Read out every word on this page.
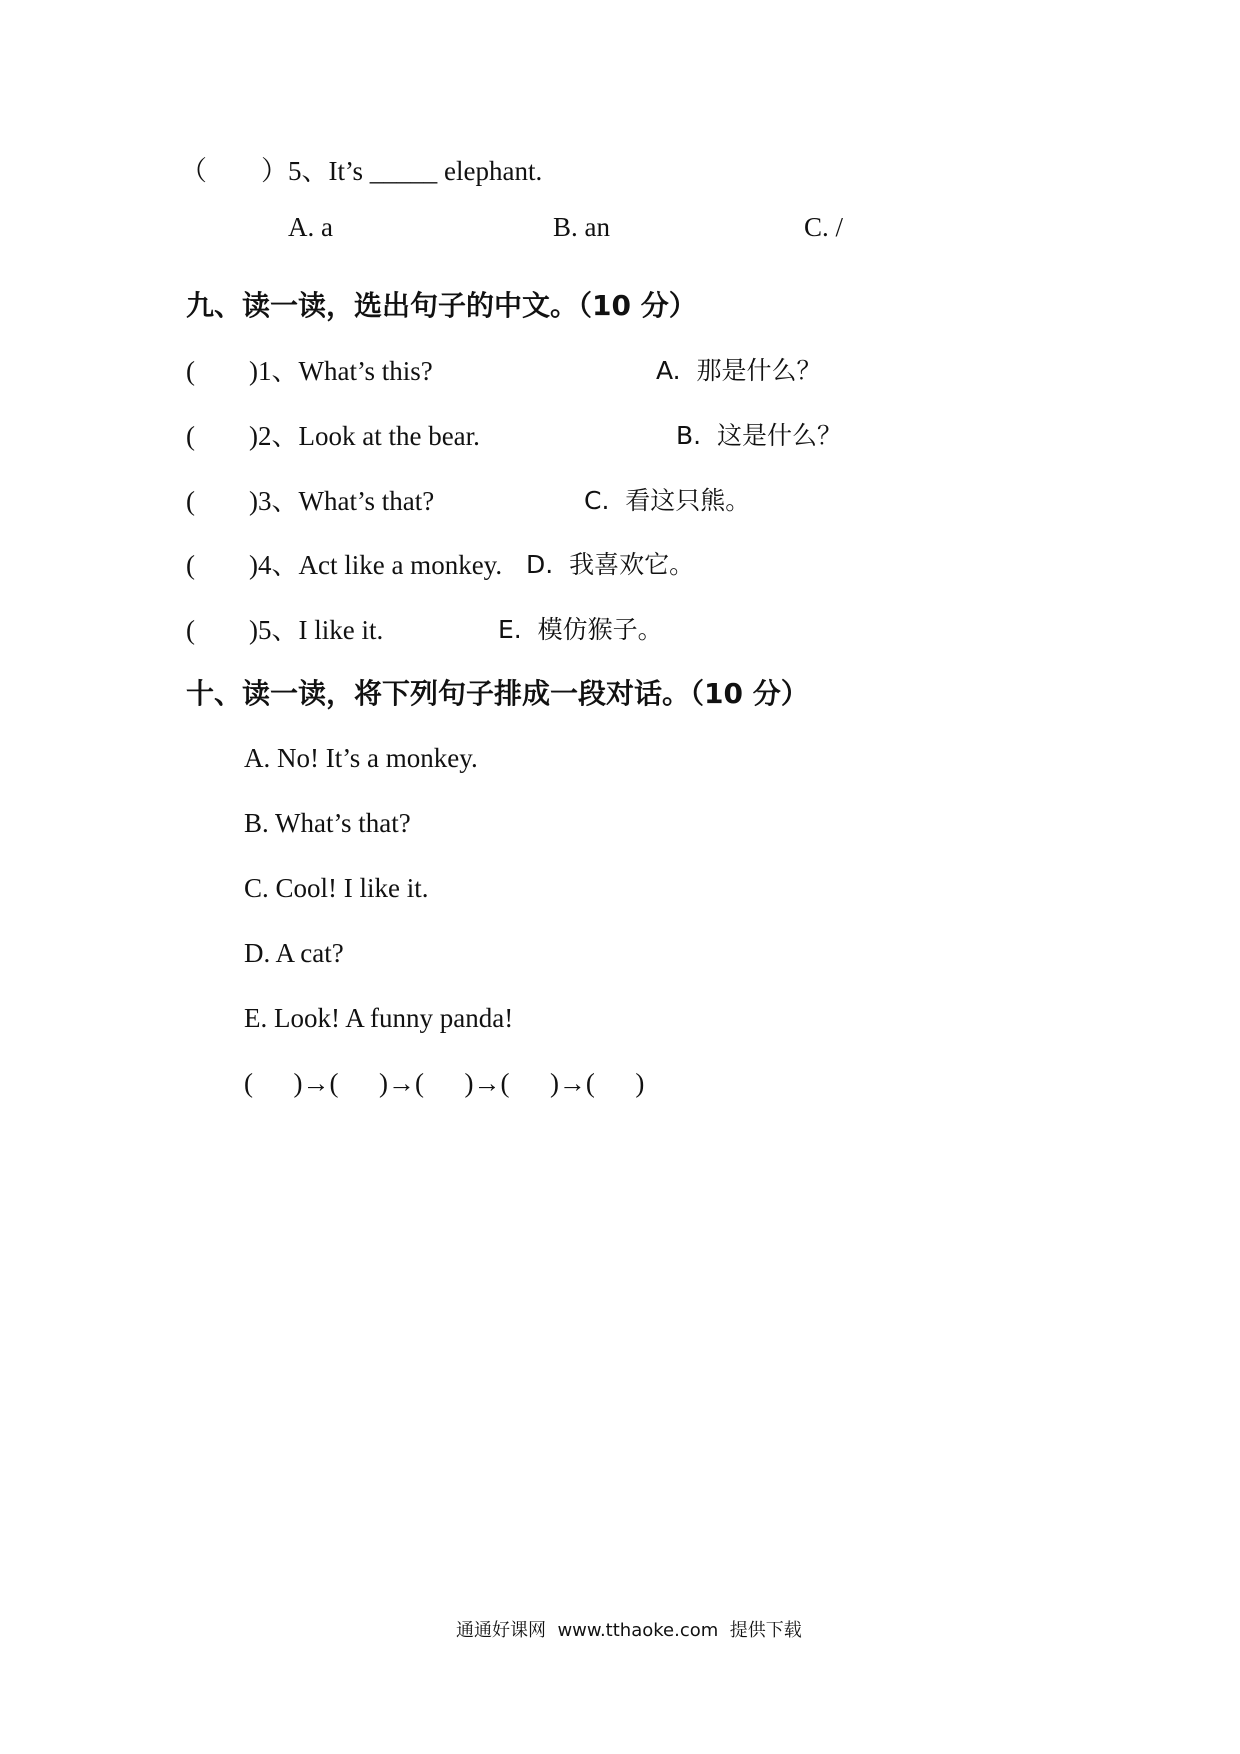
（　　）5、It’s _____ elephant.
A. a	B. an	C. /
九、读一读，选出句子的中文。（10 分）
(　　)1、What’s this?	A.  那是什么？
(　　)2、Look at the bear.	B.  这是什么？
(　　)3、What’s that?	C.  看这只熊。
(　　)4、Act like a monkey. D.  我喜欢它。
(　　)5、I like it.	E.  模仿猴子。
十、读一读，将下列句子排成一段对话。（10 分）
A. No! It’s a monkey.
B. What’s that?
C. Cool! I like it.
D. A cat?
E. Look! A funny panda!
(      )→(      )→(      )→(      )→(      )
通通好课网  www.tthaoke.com  提供下载
